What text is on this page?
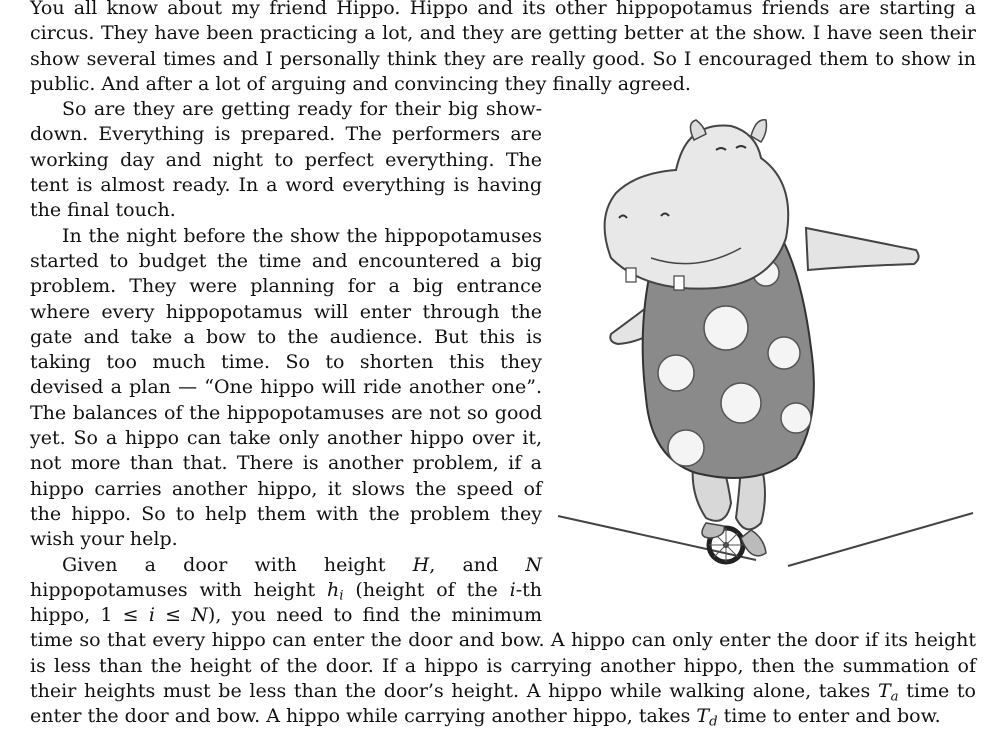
You all know about my friend Hippo. Hippo and its other hippopotamus friends are starting a circus. They have been practicing a lot, and they are getting better at the show. I have seen their show several times and I personally think they are really good. So I encouraged them to show in public. And after a lot of arguing and convincing they finally agreed.

So are they are getting ready for their big show-down. Everything is prepared. The performers are working day and night to perfect everything. The tent is almost ready. In a word everything is having the final touch.

In the night before the show the hippopotamuses started to budget the time and encountered a big problem. They were planning for a big entrance where every hippopotamus will enter through the gate and take a bow to the audience. But this is taking too much time. So to shorten this they devised a plan — “One hippo will ride another one”. The balances of the hippopotamuses are not so good yet. So a hippo can take only another hippo over it, not more than that. There is another problem, if a hippo carries another hippo, it slows the speed of the hippo. So to help them with the problem they wish your help.

Given a door with height H, and N hippopotamuses with height $h_i$ (height of the i-th hippo, 1 ≤ i ≤ N), you need to find the minimum time so that every hippo can enter the door and bow. A hippo can only enter the door if its height is less than the height of the door. If a hippo is carrying another hippo, then the summation of their heights must be less than the door’s height. A hippo while walking alone, takes $T_a$ time to enter the door and bow. A hippo while carrying another hippo, takes $T_d$ time to enter and bow.
